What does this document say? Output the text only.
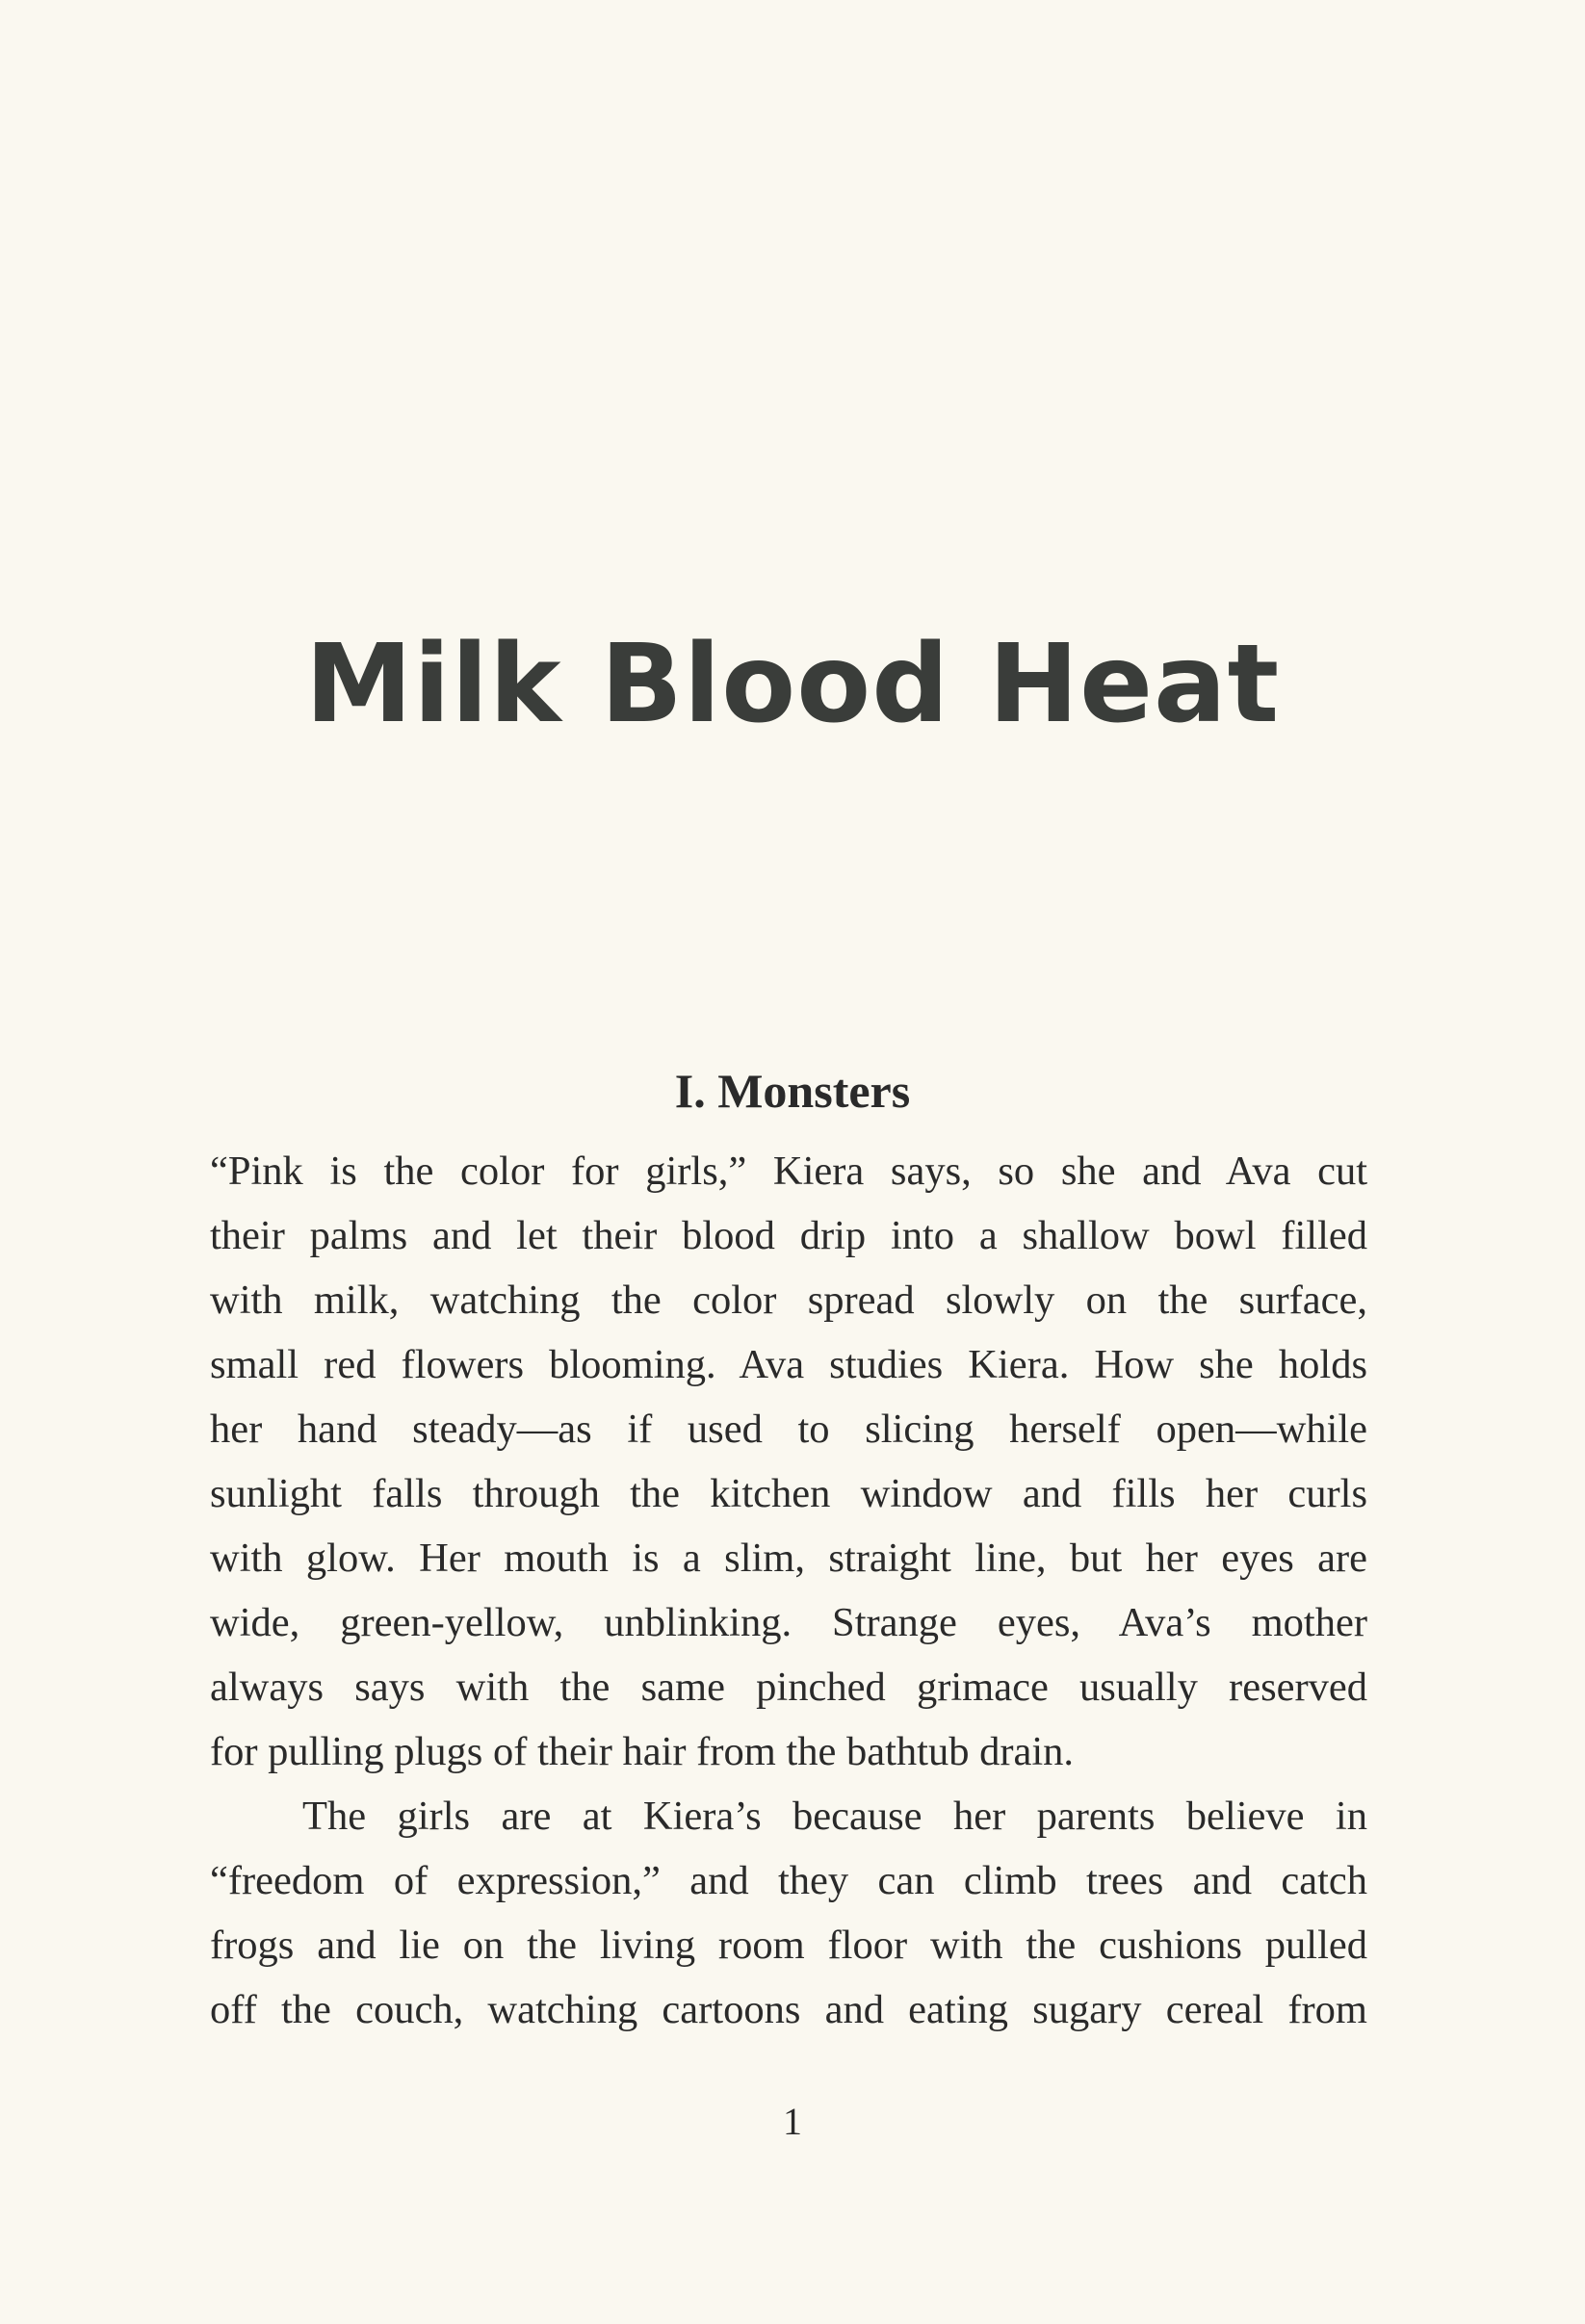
Milk Blood Heat
I. Monsters
“Pink is the color for girls,” Kiera says, so she and Ava cut
their palms and let their blood drip into a shallow bowl filled
with milk, watching the color spread slowly on the surface,
small red flowers blooming. Ava studies Kiera. How she holds
her hand steady—as if used to slicing herself open—while
sunlight falls through the kitchen window and fills her curls
with glow. Her mouth is a slim, straight line, but her eyes are
wide, green-yellow, unblinking. Strange eyes, Ava’s mother
always says with the same pinched grimace usually reserved
for pulling plugs of their hair from the bathtub drain.
The girls are at Kiera’s because her parents believe in
“freedom of expression,” and they can climb trees and catch
frogs and lie on the living room floor with the cushions pulled
off the couch, watching cartoons and eating sugary cereal from
1
